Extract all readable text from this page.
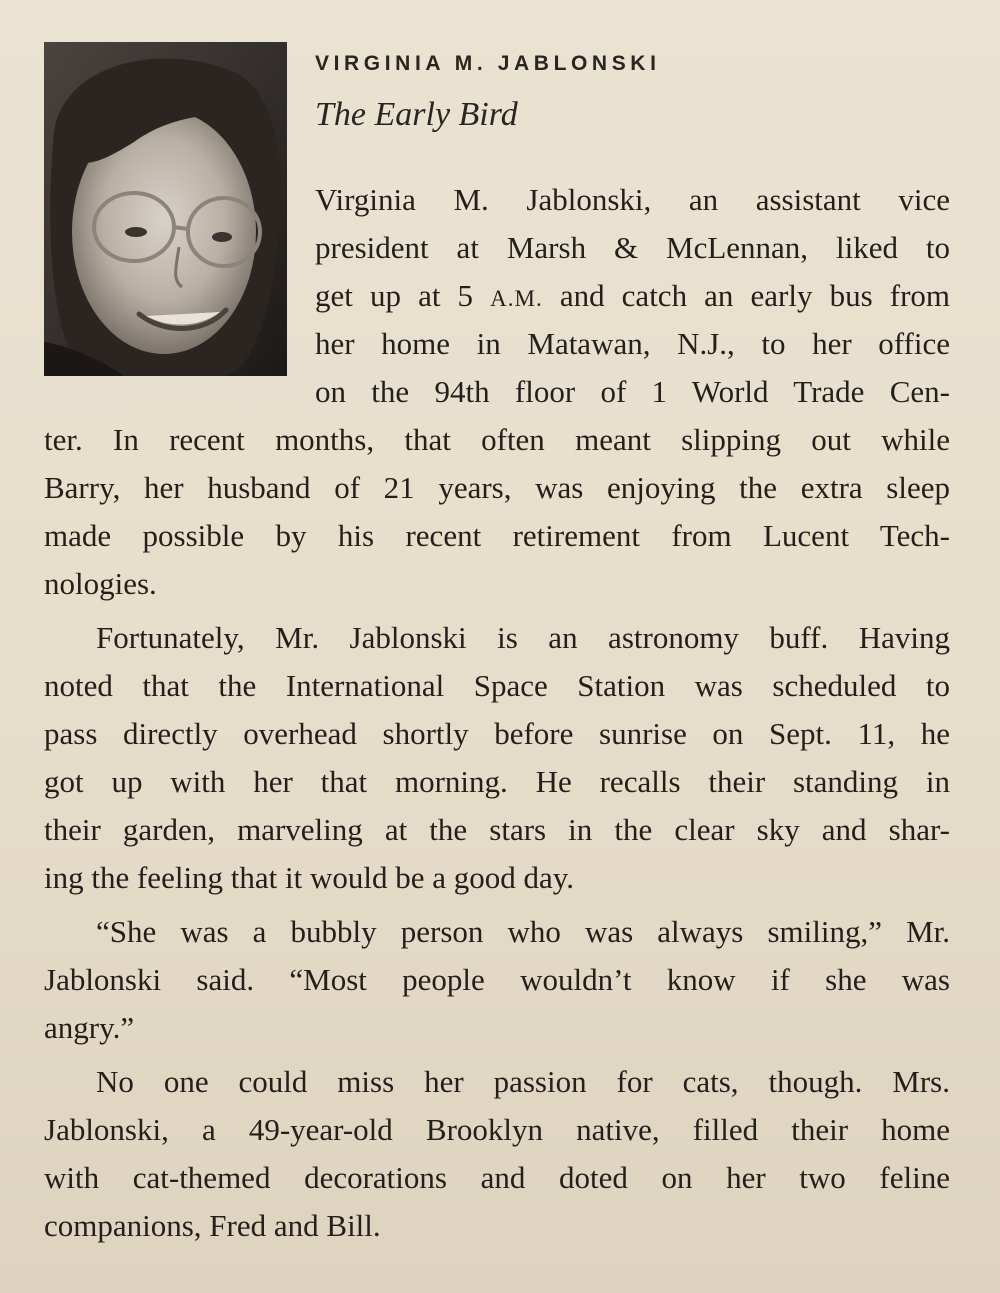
VIRGINIA M. JABLONSKI
The Early Bird
Virginia M. Jablonski, an assistant vice
president at Marsh & McLennan, liked to
get up at 5 A.M. and catch an early bus from
her home in Matawan, N.J., to her office
on the 94th floor of 1 World Trade Cen-
ter. In recent months, that often meant slipping out while
Barry, her husband of 21 years, was enjoying the extra sleep
made possible by his recent retirement from Lucent Tech-
nologies.
Fortunately, Mr. Jablonski is an astronomy buff. Having
noted that the International Space Station was scheduled to
pass directly overhead shortly before sunrise on Sept. 11, he
got up with her that morning. He recalls their standing in
their garden, marveling at the stars in the clear sky and shar-
ing the feeling that it would be a good day.
“She was a bubbly person who was always smiling,” Mr.
Jablonski said. “Most people wouldn’t know if she was
angry.”
No one could miss her passion for cats, though. Mrs.
Jablonski, a 49-year-old Brooklyn native, filled their home
with cat-themed decorations and doted on her two feline
companions, Fred and Bill.
